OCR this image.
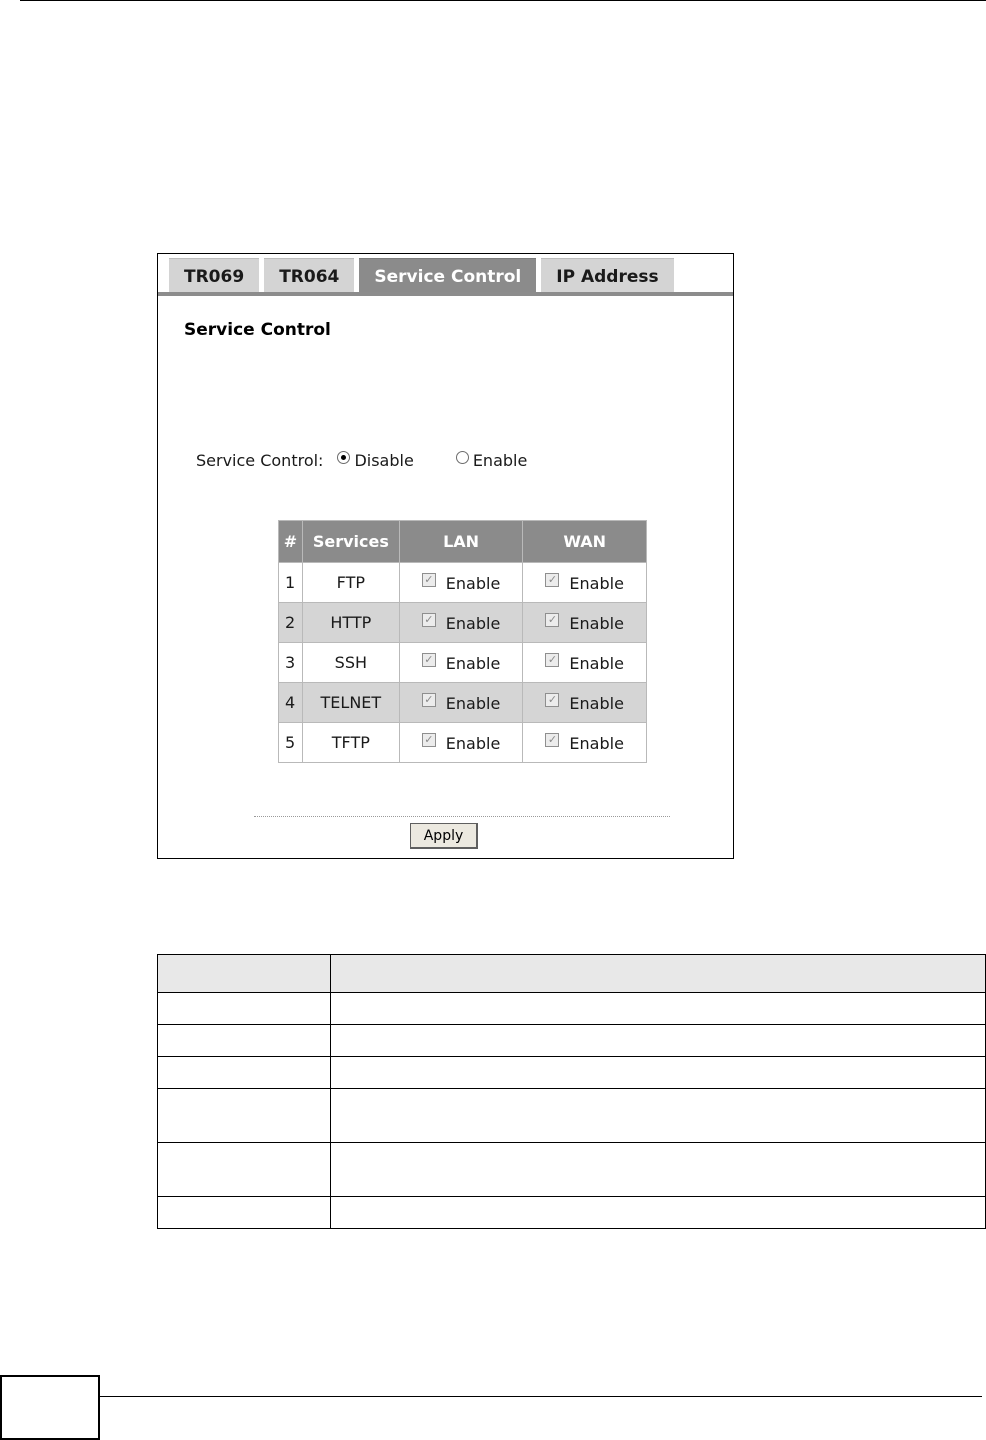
TR069	TR064	Service Control	IP Address
Service Control
Service Control: Disable	Enable
#	Services	LAN	WAN
1	FTP	✓ Enable	✓ Enable

2	HTTP	✓ Enable	✓ Enable

3	SSH	✓ Enable	✓ Enable

4	TELNET	✓ Enable	✓ Enable

5	TFTP	✓ Enable	✓ Enable
Apply
